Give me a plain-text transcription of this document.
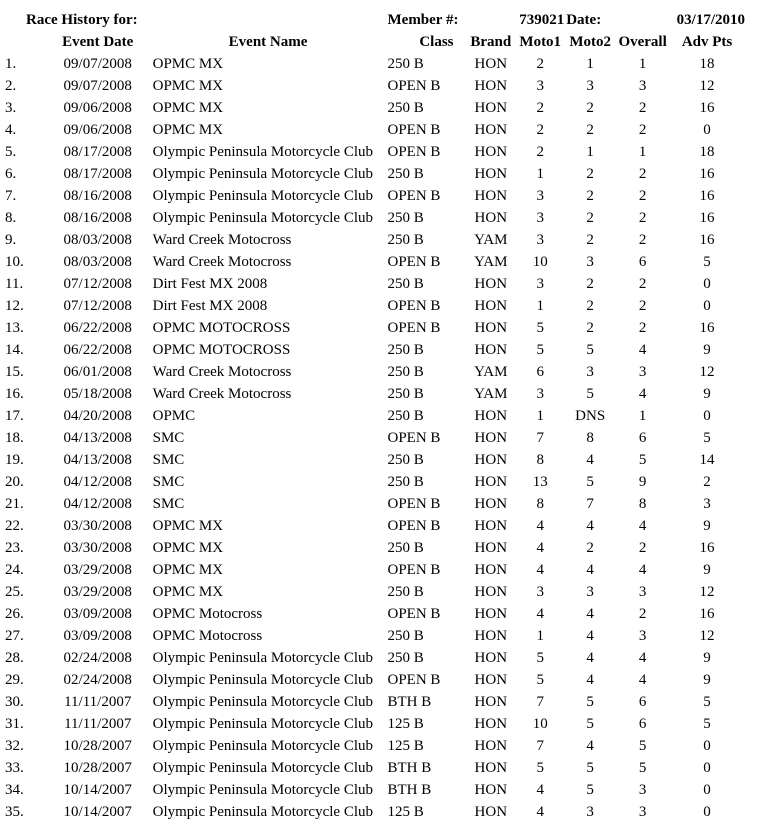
Race History for:			Member #:		739021	Date:	03/17/2010	
	Event Date	Event Name	Class	Brand	Moto1	Moto2	Overall	Adv Pts
1.	09/07/2008	OPMC MX	250 B	HON	2	1	1	18
2.	09/07/2008	OPMC MX	OPEN B	HON	3	3	3	12
3.	09/06/2008	OPMC MX	250 B	HON	2	2	2	16
4.	09/06/2008	OPMC MX	OPEN B	HON	2	2	2	0
5.	08/17/2008	Olympic Peninsula Motorcycle Club	OPEN B	HON	2	1	1	18
6.	08/17/2008	Olympic Peninsula Motorcycle Club	250 B	HON	1	2	2	16
7.	08/16/2008	Olympic Peninsula Motorcycle Club	OPEN B	HON	3	2	2	16
8.	08/16/2008	Olympic Peninsula Motorcycle Club	250 B	HON	3	2	2	16
9.	08/03/2008	Ward Creek Motocross	250 B	YAM	3	2	2	16
10.	08/03/2008	Ward Creek Motocross	OPEN B	YAM	10	3	6	5
11.	07/12/2008	Dirt Fest MX 2008	250 B	HON	3	2	2	0
12.	07/12/2008	Dirt Fest MX 2008	OPEN B	HON	1	2	2	0
13.	06/22/2008	OPMC MOTOCROSS	OPEN B	HON	5	2	2	16
14.	06/22/2008	OPMC MOTOCROSS	250 B	HON	5	5	4	9
15.	06/01/2008	Ward Creek Motocross	250 B	YAM	6	3	3	12
16.	05/18/2008	Ward Creek Motocross	250 B	YAM	3	5	4	9
17.	04/20/2008	OPMC	250 B	HON	1	DNS	1	0
18.	04/13/2008	SMC	OPEN B	HON	7	8	6	5
19.	04/13/2008	SMC	250 B	HON	8	4	5	14
20.	04/12/2008	SMC	250 B	HON	13	5	9	2
21.	04/12/2008	SMC	OPEN B	HON	8	7	8	3
22.	03/30/2008	OPMC MX	OPEN B	HON	4	4	4	9
23.	03/30/2008	OPMC MX	250 B	HON	4	2	2	16
24.	03/29/2008	OPMC MX	OPEN B	HON	4	4	4	9
25.	03/29/2008	OPMC MX	250 B	HON	3	3	3	12
26.	03/09/2008	OPMC Motocross	OPEN B	HON	4	4	2	16
27.	03/09/2008	OPMC Motocross	250 B	HON	1	4	3	12
28.	02/24/2008	Olympic Peninsula Motorcycle Club	250 B	HON	5	4	4	9
29.	02/24/2008	Olympic Peninsula Motorcycle Club	OPEN B	HON	5	4	4	9
30.	11/11/2007	Olympic Peninsula Motorcycle Club	BTH B	HON	7	5	6	5
31.	11/11/2007	Olympic Peninsula Motorcycle Club	125 B	HON	10	5	6	5
32.	10/28/2007	Olympic Peninsula Motorcycle Club	125 B	HON	7	4	5	0
33.	10/28/2007	Olympic Peninsula Motorcycle Club	BTH B	HON	5	5	5	0
34.	10/14/2007	Olympic Peninsula Motorcycle Club	BTH B	HON	4	5	3	0
35.	10/14/2007	Olympic Peninsula Motorcycle Club	125 B	HON	4	3	3	0
